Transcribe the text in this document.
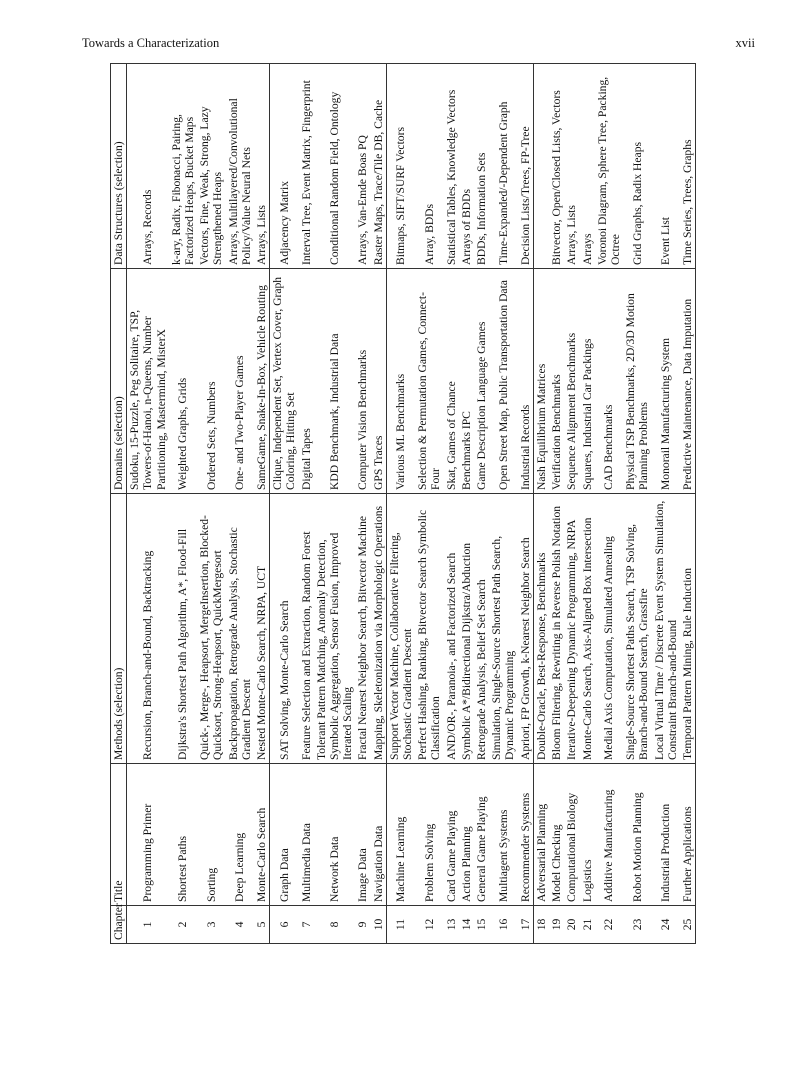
Towards a Characterization	xvii
Chapter	Title	Methods (selection)	Domains (selection)	Data Structures (selection)
1	Programming Primer	Recursion, Branch-and-Bound, Backtracking	Sudoku, 15-Puzzle, Peg Solitaire, TSP, Towers-of-Hanoi, n-Queens, Number Partitioning, Mastermind, MisterX	Arrays, Records
2	Shortest Paths	Dijkstra's Shortest Path Algorithm, A*, Flood-Fill	Weighted Graphs, Grids	k-ary, Radix, Fibonacci, Pairing, Factorized Heaps, Bucket Maps
3	Sorting	Quick-, Merge-, Heapsort, MergeInsertion, Blocked-Quicksort, Strong-Heapsort, QuickMergesort	Ordered Sets, Numbers	Vectors, Fine, Weak, Strong, Lazy Strengthened Heaps
4	Deep Learning	Backpropagation, Retrograde Analysis, Stochastic Gradient Descent	One- and Two-Player Games	Arrays, Multilayered/Convolutional Policy/Value Neural Nets
5	Monte-Carlo Search	Nested Monte-Carlo Search, NRPA, UCT	SameGame, Snake-In-Box, Vehicle Routing	Arrays, Lists
6	Graph Data	SAT Solving, Monte-Carlo Search	Clique, Independent Set, Vertex Cover, Graph Coloring, Hitting Set	Adjacency Matrix
7	Multimedia Data	Feature Selection and Extraction, Random Forest	Digital Tapes	Interval Tree, Event Matrix, Fingerprint
8	Network Data	Tolerant Pattern Matching, Anomaly Detection, Symbolic Aggregation, Sensor Fusion, Improved Iterated Scaling	KDD Benchmark, Industrial Data	Conditional Random Field, Ontology
9	Image Data	Fractal Nearest Neighbor Search, Bitvector Machine	Computer Vision Benchmarks	Arrays, Van-Emde Boas PQ
10	Navigation Data	Mapping, Skeletonization via Morphologic Operations	GPS Traces	Raster Maps, Trace/Tile DB, Cache
11	Machine Learning	Support Vector Machine, Collaborative Filtering, Stochastic Gradient Descent	Various ML Benchmarks	Bitmaps, SIFT/SURF Vectors
12	Problem Solving	Perfect Hashing, Ranking, Bitvector Search Symbolic Classification	Selection & Permutation Games, Connect-Four	Array, BDDs
13	Card Game Playing	AND/OR-, Paranoia-, and Factorized Search	Skat, Games of Chance	Statistical Tables, Knowledge Vectors
14	Action Planning	Symbolic A*/Bidirectional Dijkstra/Abduction	Benchmarks IPC	Arrays of BDDs
15	General Game Playing	Retrograde Analysis, Belief Set Search	Game Description Language Games	BDDs, Information Sets
16	Multiagent Systems	Simulation, Single-Source Shortest Path Search, Dynamic Programming	Open Street Map, Public Transportation Data	Time-Expanded/-Dependent Graph
17	Recommender Systems	Apriori, FP Growth, k-Nearest Neighbor Search	Industrial Records	Decision Lists/Trees, FP-Tree
18	Adversarial Planning	Double-Oracle, Best-Response, Benchmarks	Nash Equilibrium Matrices	
19	Model Checking	Bloom Filtering, Rewriting in Reverse Polish Notation	Verification Benchmarks	Bitvector, Open/Closed Lists, Vectors
20	Computational Biology	Iterative-Deepening Dynamic Programming, NRPA	Sequence Alignment Benchmarks	Arrays, Lists
21	Logistics	Monte-Carlo Search, Axis-Aligned Box Intersection	Squares, Industrial Car Packings	Arrays
22	Additive Manufacturing	Medial Axis Computation, Simulated Annealing	CAD Benchmarks	Voronoi Diagram, Sphere Tree, Packing, Octree
23	Robot Motion Planning	Single-Source Shortest Paths Search, TSP Solving, Branch-and-Bound Search, Grassfire	Physical TSP Benchmarks, 2D/3D Motion Planning Problems	Grid Graphs, Radix Heaps
24	Industrial Production	Local Virtual Time / Discrete Event System Simulation, Constraint Branch-and-Bound	Monorail Manufacturing System	Event List
25	Further Applications	Temporal Pattern Mining, Rule Induction	Predictive Maintenance, Data Imputation	Time Series, Trees, Graphs
